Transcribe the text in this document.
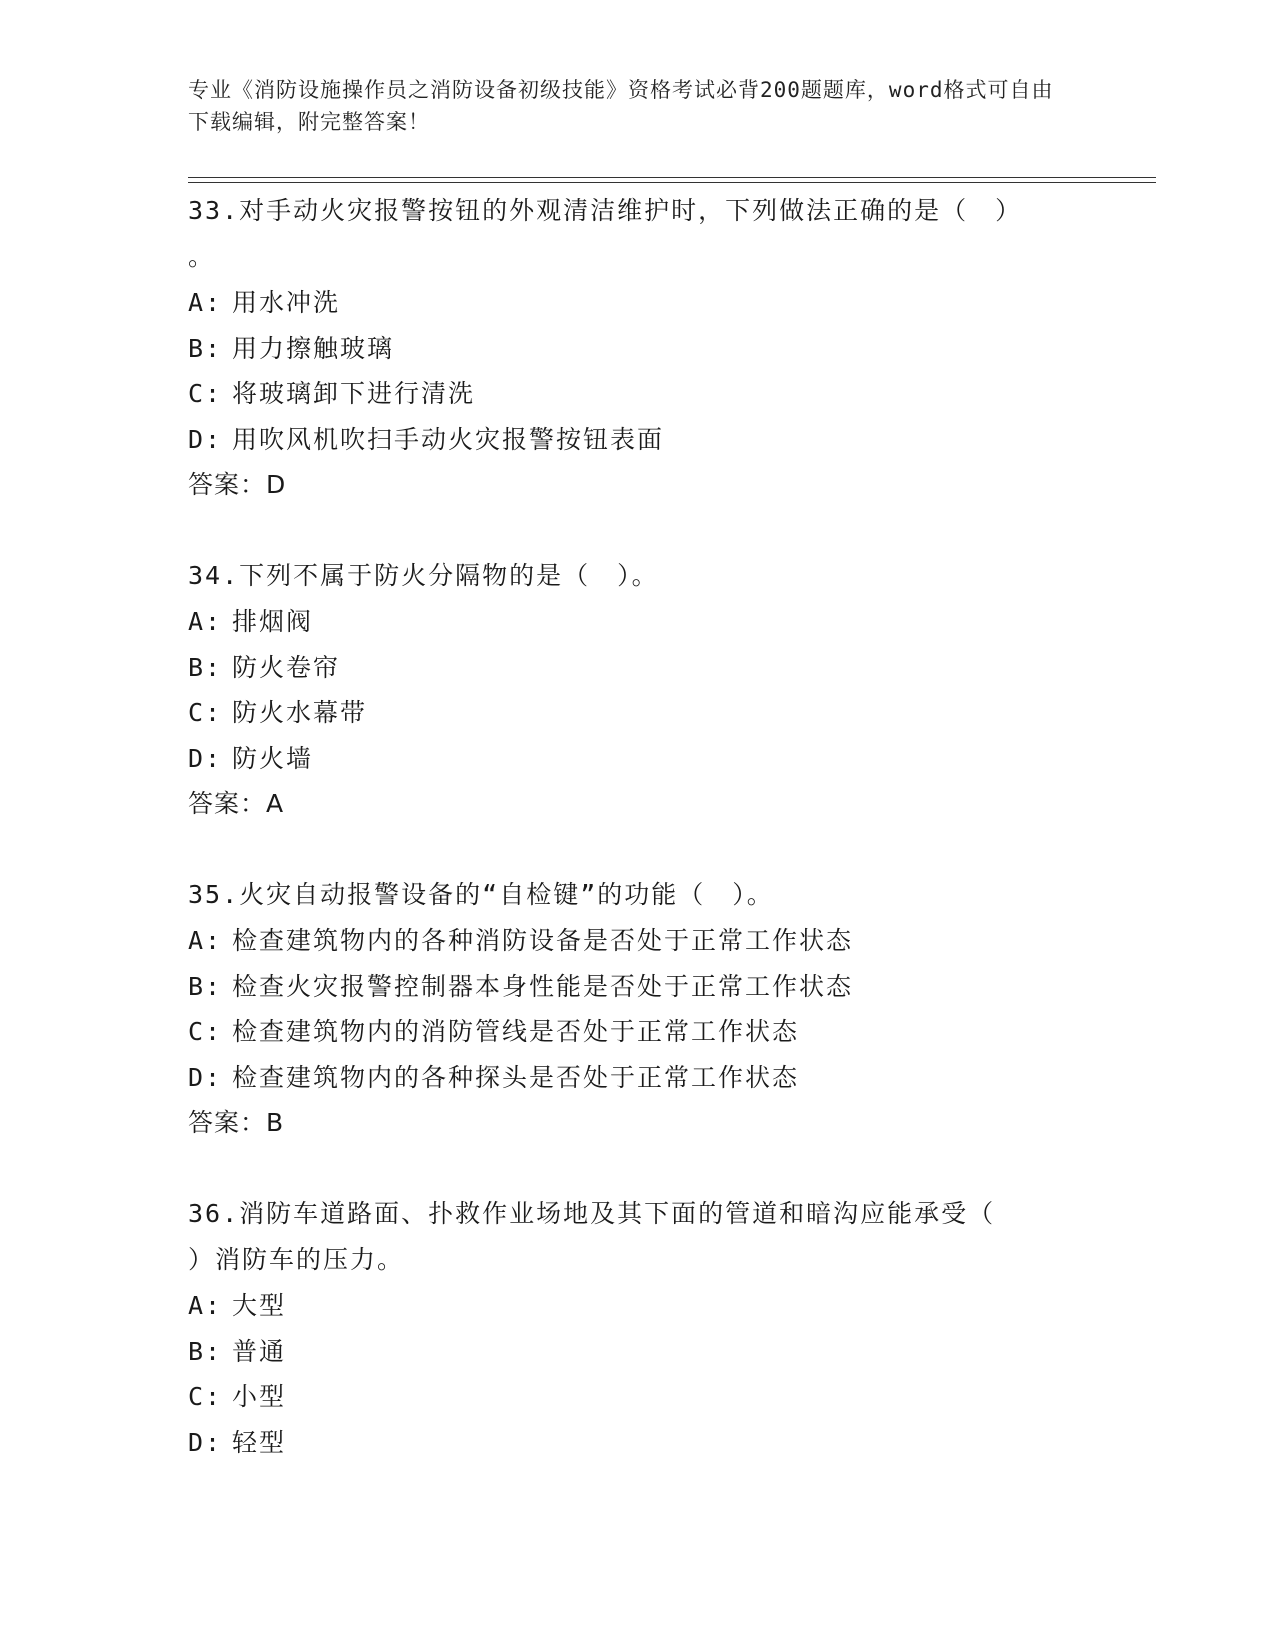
专业《消防设施操作员之消防设备初级技能》资格考试必背200题题库，word格式可自由下载编辑，附完整答案！

33.对手动火灾报警按钮的外观清洁维护时，下列做法正确的是（　）

。

A: 用水冲洗

B: 用力擦触玻璃

C: 将玻璃卸下进行清洗

D: 用吹风机吹扫手动火灾报警按钮表面

答案：D

34.下列不属于防火分隔物的是（　）。

A: 排烟阀

B: 防火卷帘

C: 防火水幕带

D: 防火墙

答案：A

35.火灾自动报警设备的“自检键”的功能（　）。

A: 检查建筑物内的各种消防设备是否处于正常工作状态

B: 检查火灾报警控制器本身性能是否处于正常工作状态

C: 检查建筑物内的消防管线是否处于正常工作状态

D: 检查建筑物内的各种探头是否处于正常工作状态

答案：B

36.消防车道路面、扑救作业场地及其下面的管道和暗沟应能承受（

）消防车的压力。

A: 大型

B: 普通

C: 小型

D: 轻型
